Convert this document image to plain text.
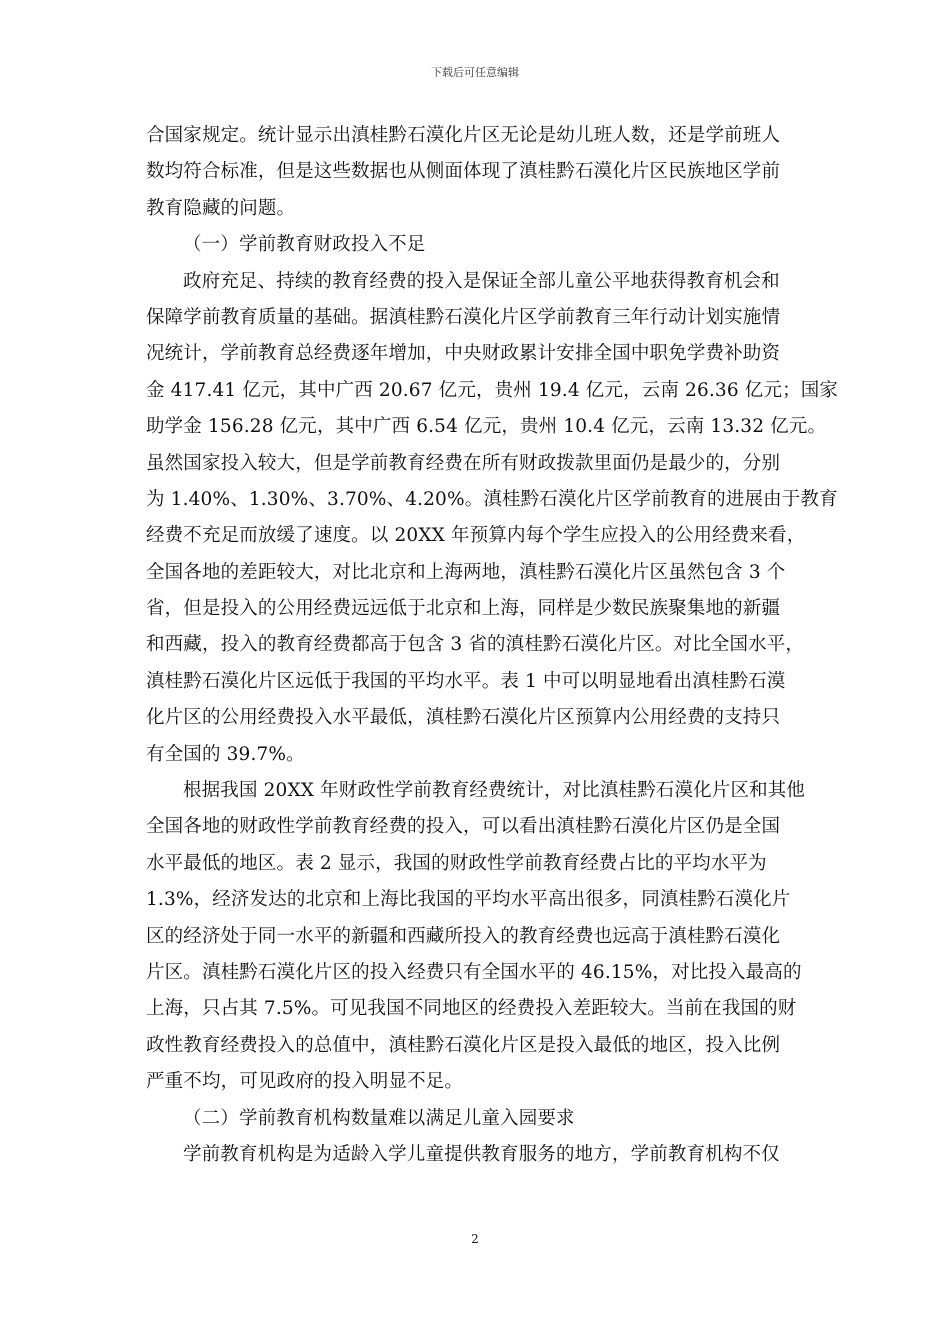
下载后可任意编辑
合国家规定。统计显示出滇桂黔石漠化片区无论是幼儿班人数，还是学前班人
数均符合标准，但是这些数据也从侧面体现了滇桂黔石漠化片区民族地区学前
教育隐藏的问题。
（一）学前教育财政投入不足
政府充足、持续的教育经费的投入是保证全部儿童公平地获得教育机会和
保障学前教育质量的基础。据滇桂黔石漠化片区学前教育三年行动计划实施情
况统计，学前教育总经费逐年增加，中央财政累计安排全国中职免学费补助资
金 417.41 亿元，其中广西 20.67 亿元，贵州 19.4 亿元，云南 26.36 亿元；国家
助学金 156.28 亿元，其中广西 6.54 亿元，贵州 10.4 亿元，云南 13.32 亿元。
虽然国家投入较大，但是学前教育经费在所有财政拨款里面仍是最少的，分别
为 1.40%、1.30%、3.70%、4.20%。滇桂黔石漠化片区学前教育的进展由于教育
经费不充足而放缓了速度。以 20XX 年预算内每个学生应投入的公用经费来看，
全国各地的差距较大，对比北京和上海两地，滇桂黔石漠化片区虽然包含 3 个
省，但是投入的公用经费远远低于北京和上海，同样是少数民族聚集地的新疆
和西藏，投入的教育经费都高于包含 3 省的滇桂黔石漠化片区。对比全国水平，
滇桂黔石漠化片区远低于我国的平均水平。表 1 中可以明显地看出滇桂黔石漠
化片区的公用经费投入水平最低，滇桂黔石漠化片区预算内公用经费的支持只
有全国的 39.7%。
根据我国 20XX 年财政性学前教育经费统计，对比滇桂黔石漠化片区和其他
全国各地的财政性学前教育经费的投入，可以看出滇桂黔石漠化片区仍是全国
水平最低的地区。表 2 显示，我国的财政性学前教育经费占比的平均水平为
1.3%，经济发达的北京和上海比我国的平均水平高出很多，同滇桂黔石漠化片
区的经济处于同一水平的新疆和西藏所投入的教育经费也远高于滇桂黔石漠化
片区。滇桂黔石漠化片区的投入经费只有全国水平的 46.15%，对比投入最高的
上海，只占其 7.5%。可见我国不同地区的经费投入差距较大。当前在我国的财
政性教育经费投入的总值中，滇桂黔石漠化片区是投入最低的地区，投入比例
严重不均，可见政府的投入明显不足。
（二）学前教育机构数量难以满足儿童入园要求
学前教育机构是为适龄入学儿童提供教育服务的地方，学前教育机构不仅
2
